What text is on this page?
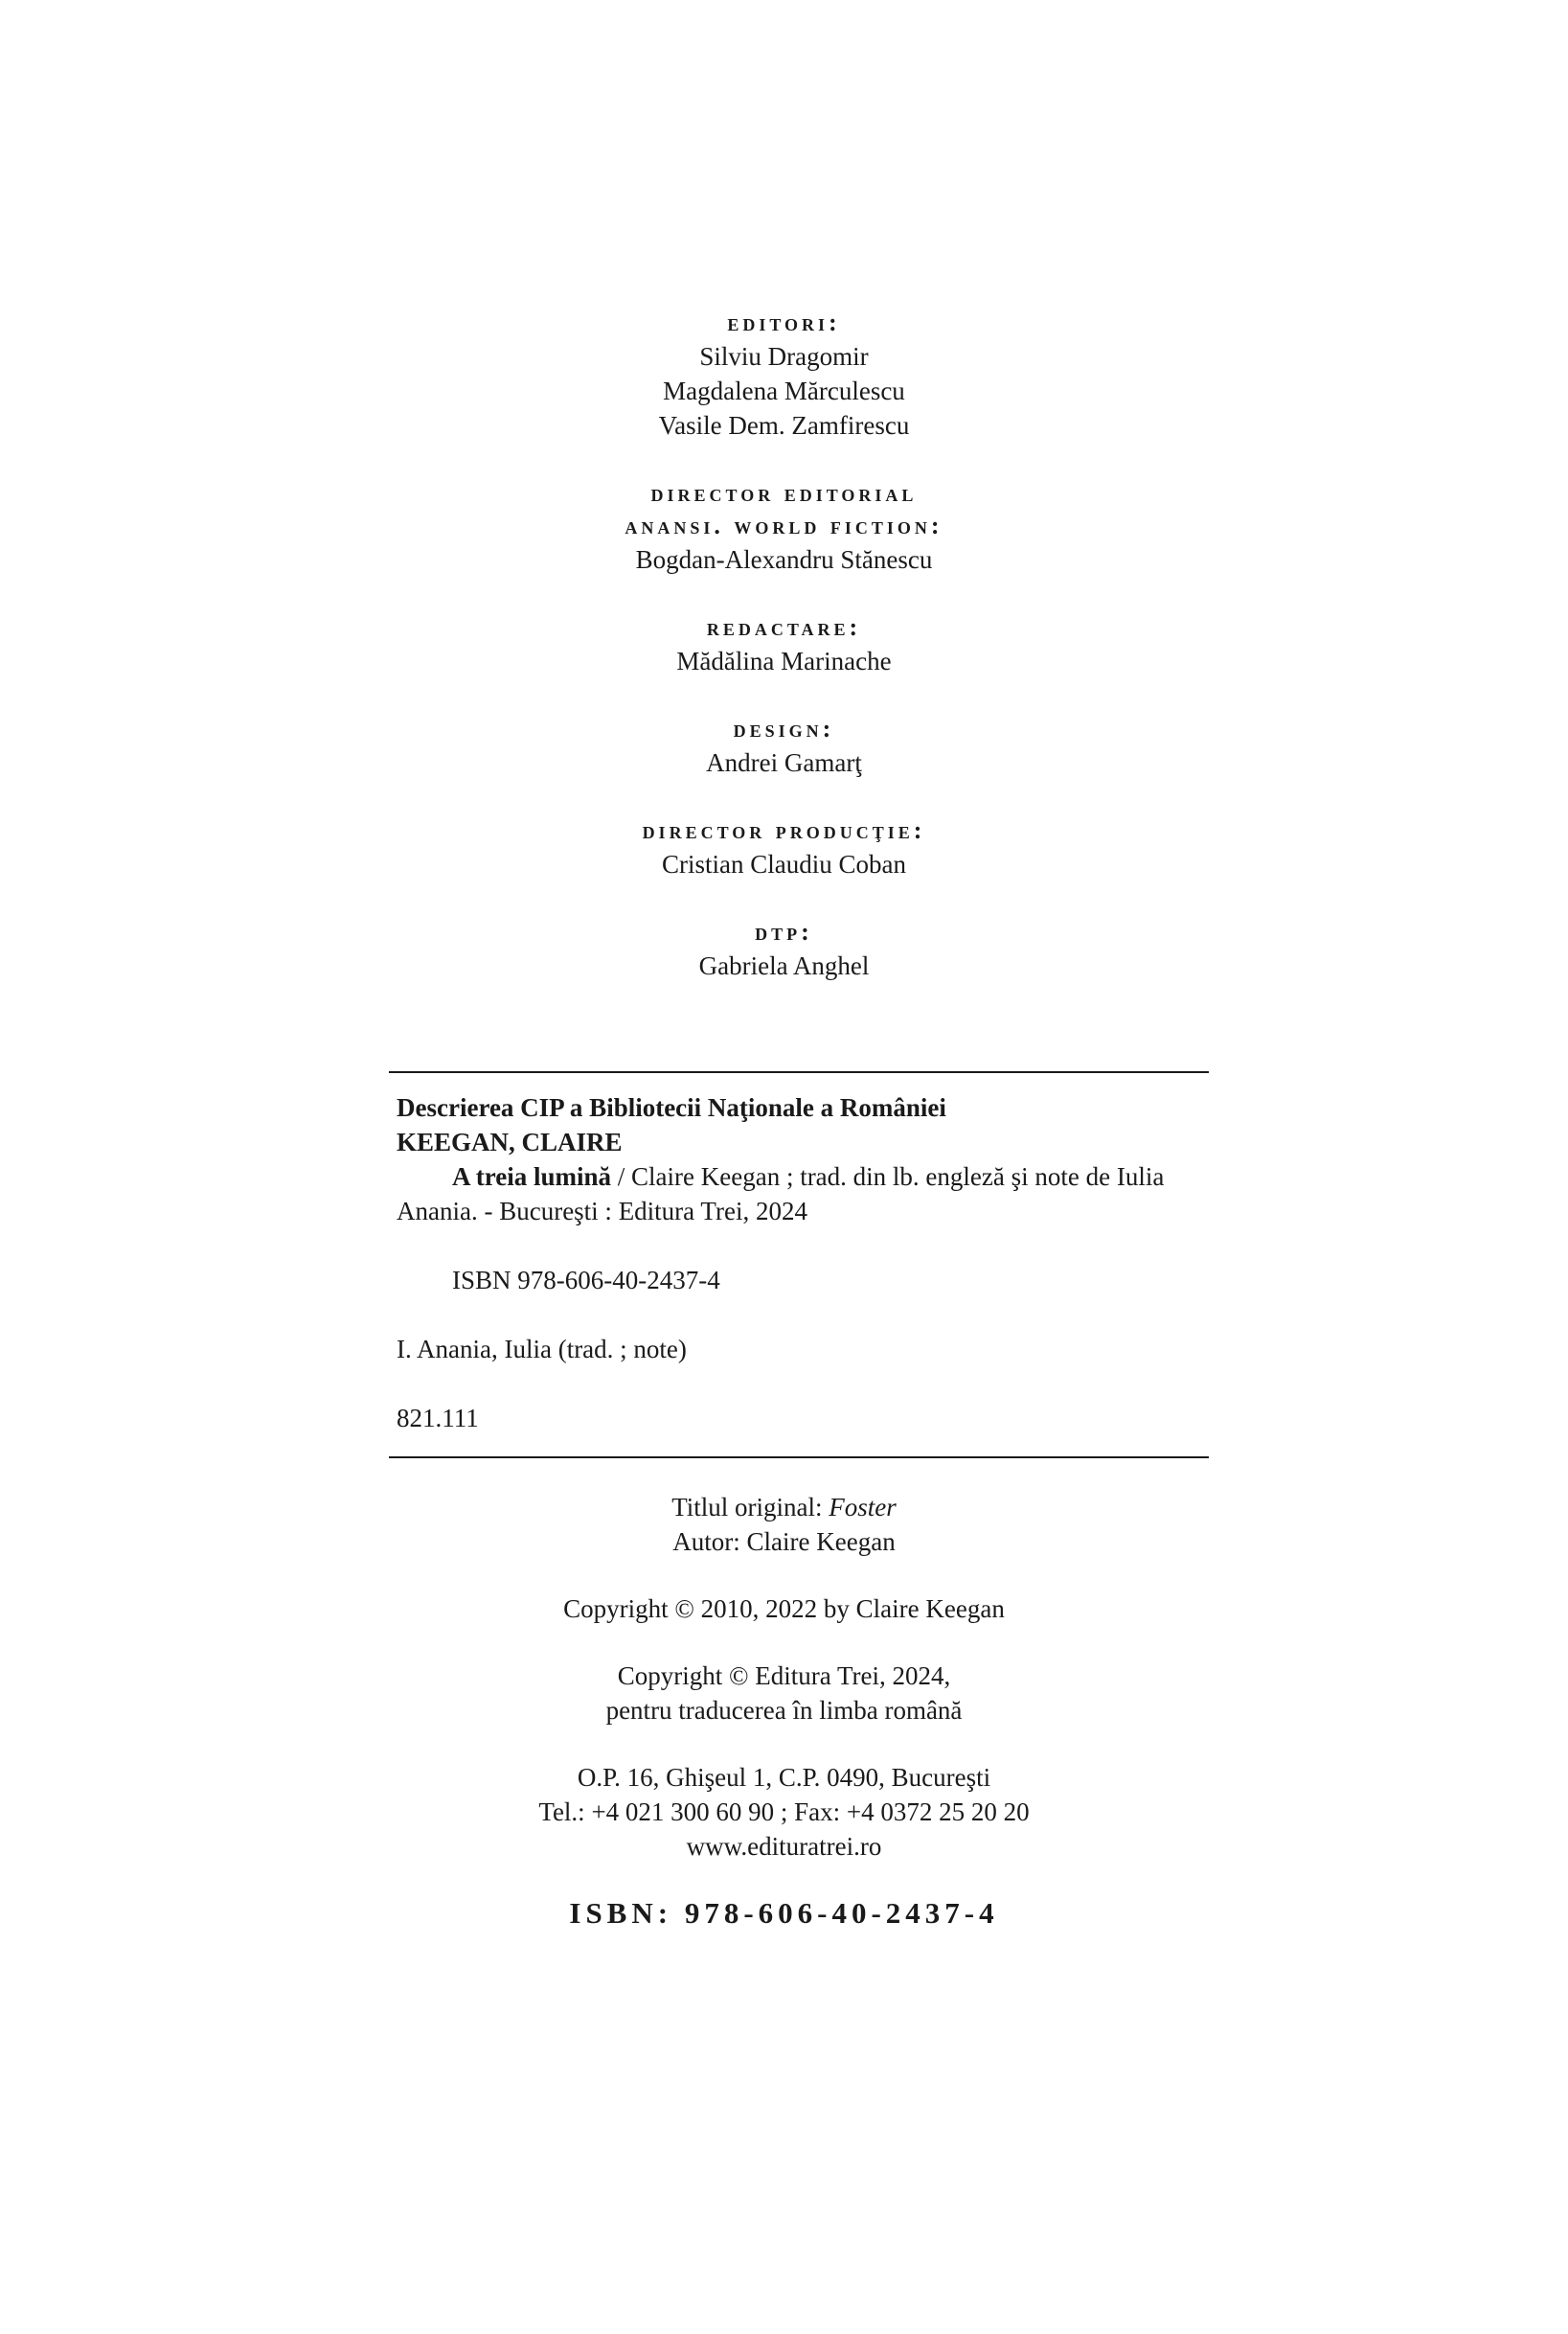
editori:
Silviu Dragomir
Magdalena Mărculescu
Vasile Dem. Zamfirescu
director editorial
anansi. world fiction:
Bogdan-Alexandru Stănescu
redactare:
Mădălina Marinache
design:
Andrei Gamarţ
director producţie:
Cristian Claudiu Coban
dtp:
Gabriela Anghel
Descrierea CIP a Bibliotecii Naţionale a României
KEEGAN, CLAIRE
A treia lumină / Claire Keegan ; trad. din lb. engleză şi note de Iulia Anania. - Bucureşti : Editura Trei, 2024
ISBN 978-606-40-2437-4
I. Anania, Iulia (trad. ; note)
821.111
Titlul original: Foster
Autor: Claire Keegan
Copyright © 2010, 2022 by Claire Keegan
Copyright © Editura Trei, 2024,
pentru traducerea în limba română
O.P. 16, Ghişeul 1, C.P. 0490, Bucureşti
Tel.: +4 021 300 60 90 ; Fax: +4 0372 25 20 20
www.edituratrei.ro
ISBN: 978-606-40-2437-4
